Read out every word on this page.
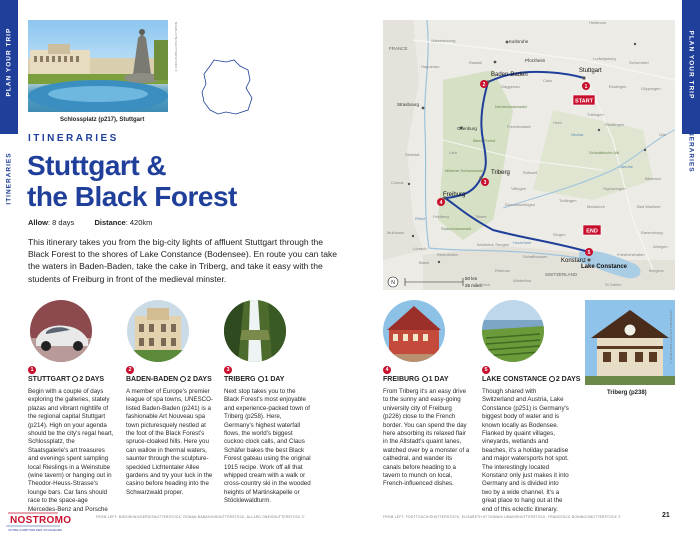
PLAN YOUR TRIP
ITINERARIES
PLAN YOUR TRIP
ITINERARIES
Schlossplatz (p217), Stuttgart
NIKOLAYN/SHUTTERSTOCK ©
ITINERARIES
Stuttgart &
the Black Forest
Allow: 8 days	Distance: 420km
This itinerary takes you from the big-city lights of affluent Stuttgart through the Black Forest to the shores of Lake Constance (Bodensee). En route you can take the waters in Baden-Baden, take the cake in Triberg, and take it easy with the students of Freiburg in front of the medieval minster.
START
END
1
2
3
4
5
N
50 km
25 miles
Wissembourg
FRANCE
Karlsruhe
Heilbronn
Pforzheim
Haguenau
Ludwigsburg
Rastatt
Baden-Baden
Stuttgart
Schorndorf
Gaggenau
Calw
Esslingen	Göppingen
Strasbourg	Nordschwarzwald
Tübingen
Reutlingen
Offenburg	Freudenstadt
Horb
Neckar	Ulm
Lahr	Schwäbische Alb
Sélestat
Mittlerer Schwarzwald	Rottweil
Biberach
Triberg
Colmar
Villingen	Sigmaringen
Danube
Freiburg
Donaueschingen	Messkirch
Tuttlingen
Bad Waldsee
Feldberg	Titisee
Südschwarzwald
Mulhouse	Singen	Ravensburg
Lörrach
Waldshut-Tiengen Hochrhein
Friedrichshafen
Wangen
Basel
Rheinfelden	Schaffhausen
Konstanz
Lake Constance
SWITZERLAND
Rheinau	Bregenz
Winterthur
Zürich	St Gallen
Black Forest
Rhine
Triberg (p238)
FOTOCURLS/SHUTTERSTOCK ©
1
STUTTGART 2 DAYS
Begin with a couple of days exploring the galleries, stately plazas and vibrant nightlife of the regional capital Stuttgart (p214). High on your agenda should be the city's regal heart, Schlossplatz, the Staatsgalerie's art treasures and evenings spent sampling local Rieslings in a Weinstube (wine tavern) or hanging out in Theodor-Heuss-Strasse's lounge bars. Car fans should race to the space-age Mercedes-Benz and Porsche
2
BADEN-BADEN 2 DAYS
A member of Europe's premier league of spa towns, UNESCO-listed Baden-Baden (p241) is a fashionable Art Nouveau spa town picturesquely nestled at the foot of the Black Forest's spruce-cloaked hills. Here you can wallow in thermal waters, saunter through the sculpture-speckled Lichtentaler Allee gardens and try your luck in the casino before heading into the Schwarzwald proper.
3
TRIBERG 1 DAY
Next stop takes you to the Black Forest's most enjoyable and experience-packed town of Triberg (p258). Here, Germany's highest waterfall flows, the world's biggest cuckoo clock calls, and Claus Schäfer bakes the best Black Forest gateau using the original 1915 recipe. Work off all that whipped cream with a walk or cross-country ski in the wooded heights of Martinskapelle or Stöcklewaldturm.
4
FREIBURG 1 DAY
From Triberg it's an easy drive to the sunny and easy-going university city of Freiburg (p226) close to the French border. You can spend the day here absorbing its relaxed flair in the Altstadt's quaint lanes, watched over by a monster of a cathedral, and wander its canals before heading to a tavern to munch on local, French-influenced dishes.
5
LAKE CONSTANCE 2 DAYS
Though shared with Switzerland and Austria, Lake Constance (p251) is Germany's biggest body of water and is known locally as Bodensee. Flanked by quaint villages, vineyards, wetlands and beaches, it's a holiday paradise and major watersports hot spot. The interestingly located Konstanz only just makes it into Germany and is divided into two by a wide channel. It's a great place to hang out at the end of this eclectic itinerary.
FROM LEFT: MISSISHNICKERS/SHUTTERSTOCK, ROMAN BABAKIN/SHUTTERSTOCK, ALLARD ONE/SHUTTERSTOCK ©	FROM LEFT: FOOTTOUCH/SHUTTERSTOCK, ELISABETH AT DOMAIN UMAN/SHUTTERSTOCK, FRANCESCO BONINO/SHUTTERSTOCK ©	21
NOSTROMO
VOTRE COMPTOIR DES VOYAGEURS
